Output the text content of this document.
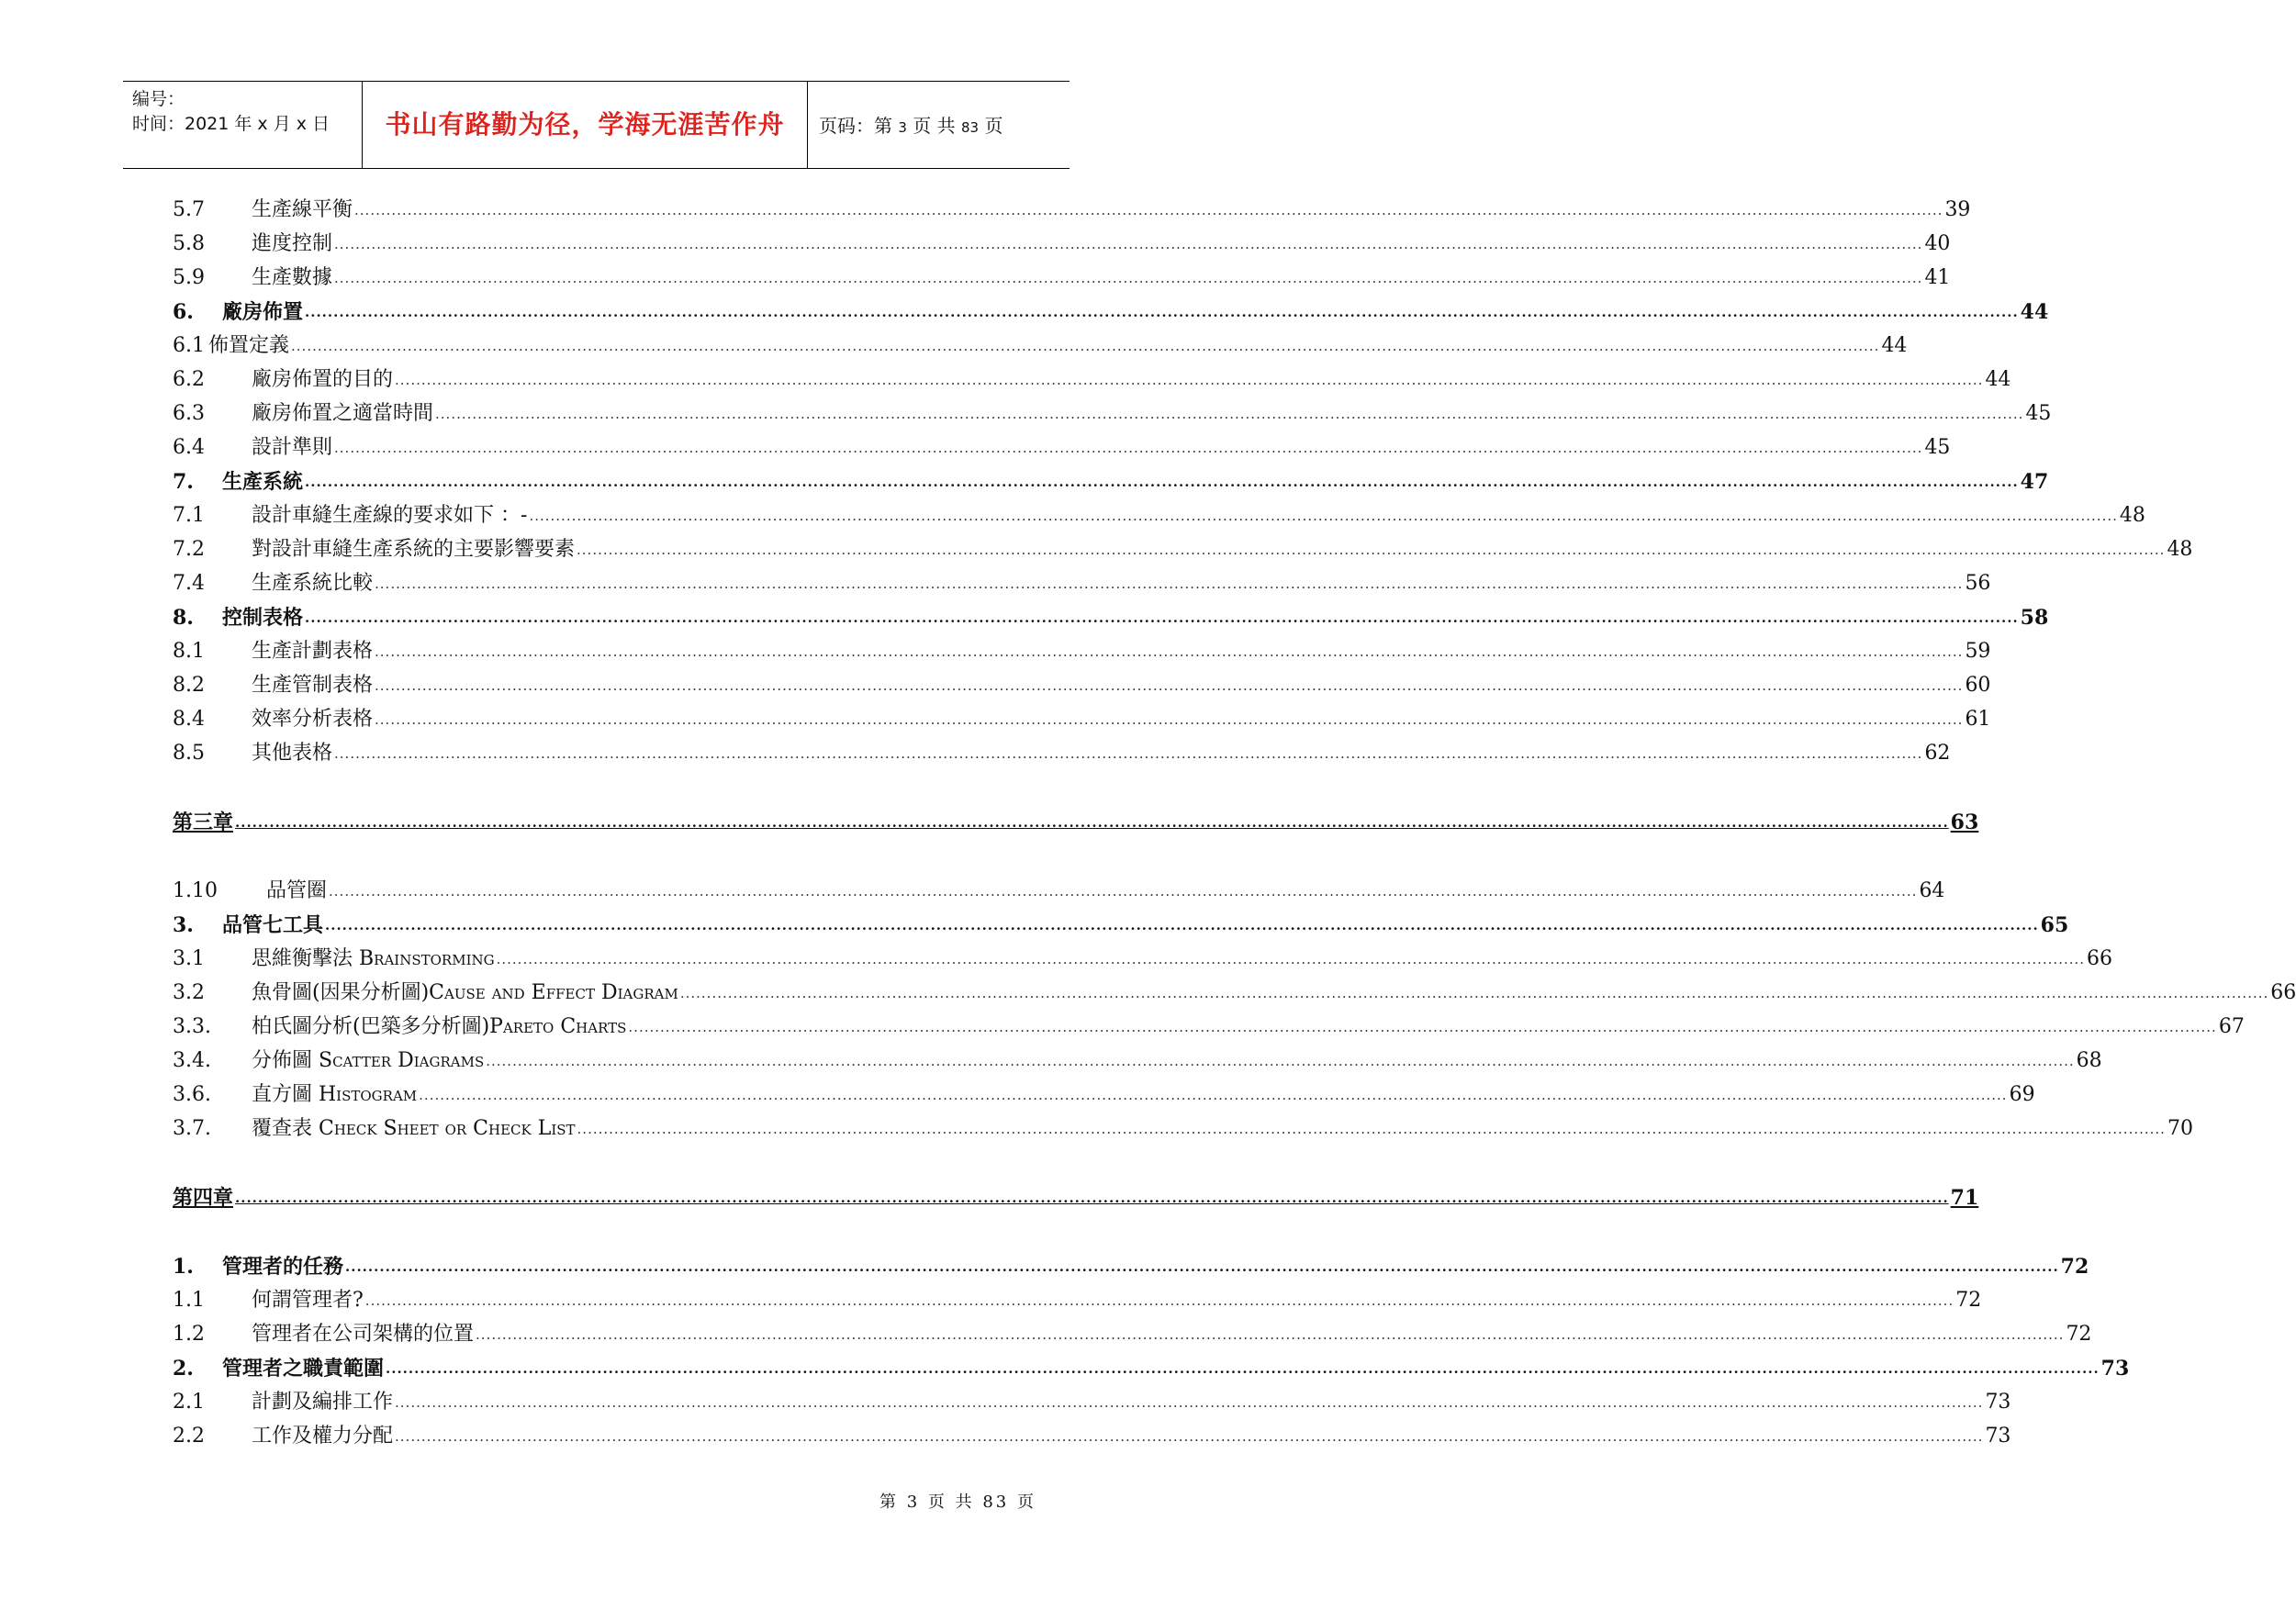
编号：
时间：2021 年 x 月 x 日	书山有路勤为径，学海无涯苦作舟	页码：第 3 页 共 83 页
5.7	生產線平衡 ............................................................................................................................................................................................................................................................................................................ 39
5.8	進度控制 ............................................................................................................................................................................................................................................................................................................ 40
5.9	生產數據 ............................................................................................................................................................................................................................................................................................................ 41
6.	廠房佈置 ............................................................................................................................................................................................................................................................................................................ 44
6.1 佈置定義 ............................................................................................................................................................................................................................................................................................................ 44
6.2	廠房佈置的目的 ............................................................................................................................................................................................................................................................................................................ 44
6.3	廠房佈置之適當時間 ............................................................................................................................................................................................................................................................................................................ 45
6.4	設計準則 ............................................................................................................................................................................................................................................................................................................ 45
7.	生產系統 ............................................................................................................................................................................................................................................................................................................ 47
7.1	設計車縫生產線的要求如下 ：- ............................................................................................................................................................................................................................................................................................................ 48
7.2	對設計車縫生產系統的主要影響要素 ............................................................................................................................................................................................................................................................................................................ 48
7.4	生產系統比較 ............................................................................................................................................................................................................................................................................................................ 56
8.	控制表格 ............................................................................................................................................................................................................................................................................................................ 58
8.1	生產計劃表格 ............................................................................................................................................................................................................................................................................................................ 59
8.2	生產管制表格 ............................................................................................................................................................................................................................................................................................................ 60
8.4	效率分析表格 ............................................................................................................................................................................................................................................................................................................ 61
8.5	其他表格 ............................................................................................................................................................................................................................................................................................................ 62
第三章 ............................................................................................................................................................................................................................................................................................................ 63
1.10	品管圈 ............................................................................................................................................................................................................................................................................................................ 64
3.	品管七工具 ............................................................................................................................................................................................................................................................................................................ 65
3.1	思維衡擊法 Brainstorming ............................................................................................................................................................................................................................................................................................................ 66
3.2	魚骨圖(因果分析圖)Cause and Effect Diagram ............................................................................................................................................................................................................................................................................................................ 66
3.3.	柏氏圖分析(巴築多分析圖)Pareto Charts ............................................................................................................................................................................................................................................................................................................ 67
3.4.	分佈圖 Scatter Diagrams ............................................................................................................................................................................................................................................................................................................ 68
3.6.	直方圖 Histogram ............................................................................................................................................................................................................................................................................................................ 69
3.7.	覆查表 Check Sheet or Check List ............................................................................................................................................................................................................................................................................................................ 70
第四章 ............................................................................................................................................................................................................................................................................................................ 71
1.	管理者的任務 ............................................................................................................................................................................................................................................................................................................ 72
1.1	何謂管理者? ............................................................................................................................................................................................................................................................................................................ 72
1.2	管理者在公司架構的位置 ............................................................................................................................................................................................................................................................................................................ 72
2.	管理者之職責範圍 ............................................................................................................................................................................................................................................................................................................ 73
2.1	計劃及編排工作 ............................................................................................................................................................................................................................................................................................................ 73
2.2	工作及權力分配 ............................................................................................................................................................................................................................................................................................................ 73
第 3 页 共 83 页
